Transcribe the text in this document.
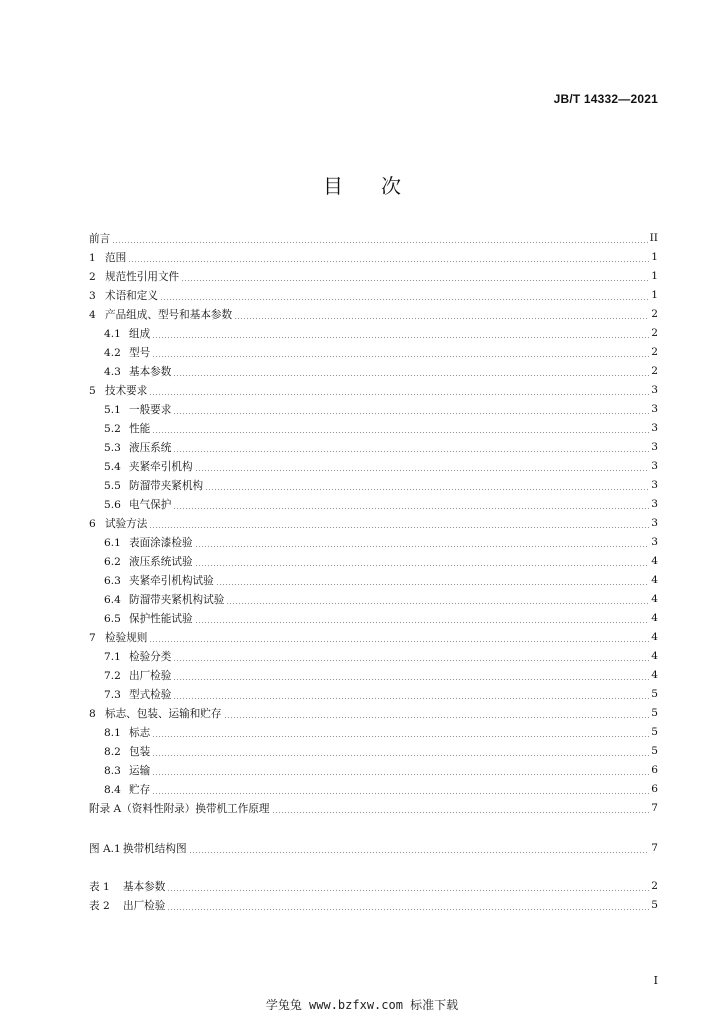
JB/T 14332—2021
目次
前言	II
1 范围	1
2 规范性引用文件	1
3 术语和定义	1
4 产品组成、型号和基本参数	2
4.1 组成	2
4.2 型号	2
4.3 基本参数	2
5 技术要求	3
5.1 一般要求	3
5.2 性能	3
5.3 液压系统	3
5.4 夹紧牵引机构	3
5.5 防溜带夹紧机构	3
5.6 电气保护	3
6 试验方法	3
6.1 表面涂漆检验	3
6.2 液压系统试验	4
6.3 夹紧牵引机构试验	4
6.4 防溜带夹紧机构试验	4
6.5 保护性能试验	4
7 检验规则	4
7.1 检验分类	4
7.2 出厂检验	4
7.3 型式检验	5
8 标志、包装、运输和贮存	5
8.1 标志	5
8.2 包装	5
8.3 运输	6
8.4 贮存	6
附录 A（资料性附录）换带机工作原理	7
图 A.1 换带机结构图	7
表 1 基本参数	2
表 2 出厂检验	5
I
学兔兔 www.bzfxw.com 标准下载
